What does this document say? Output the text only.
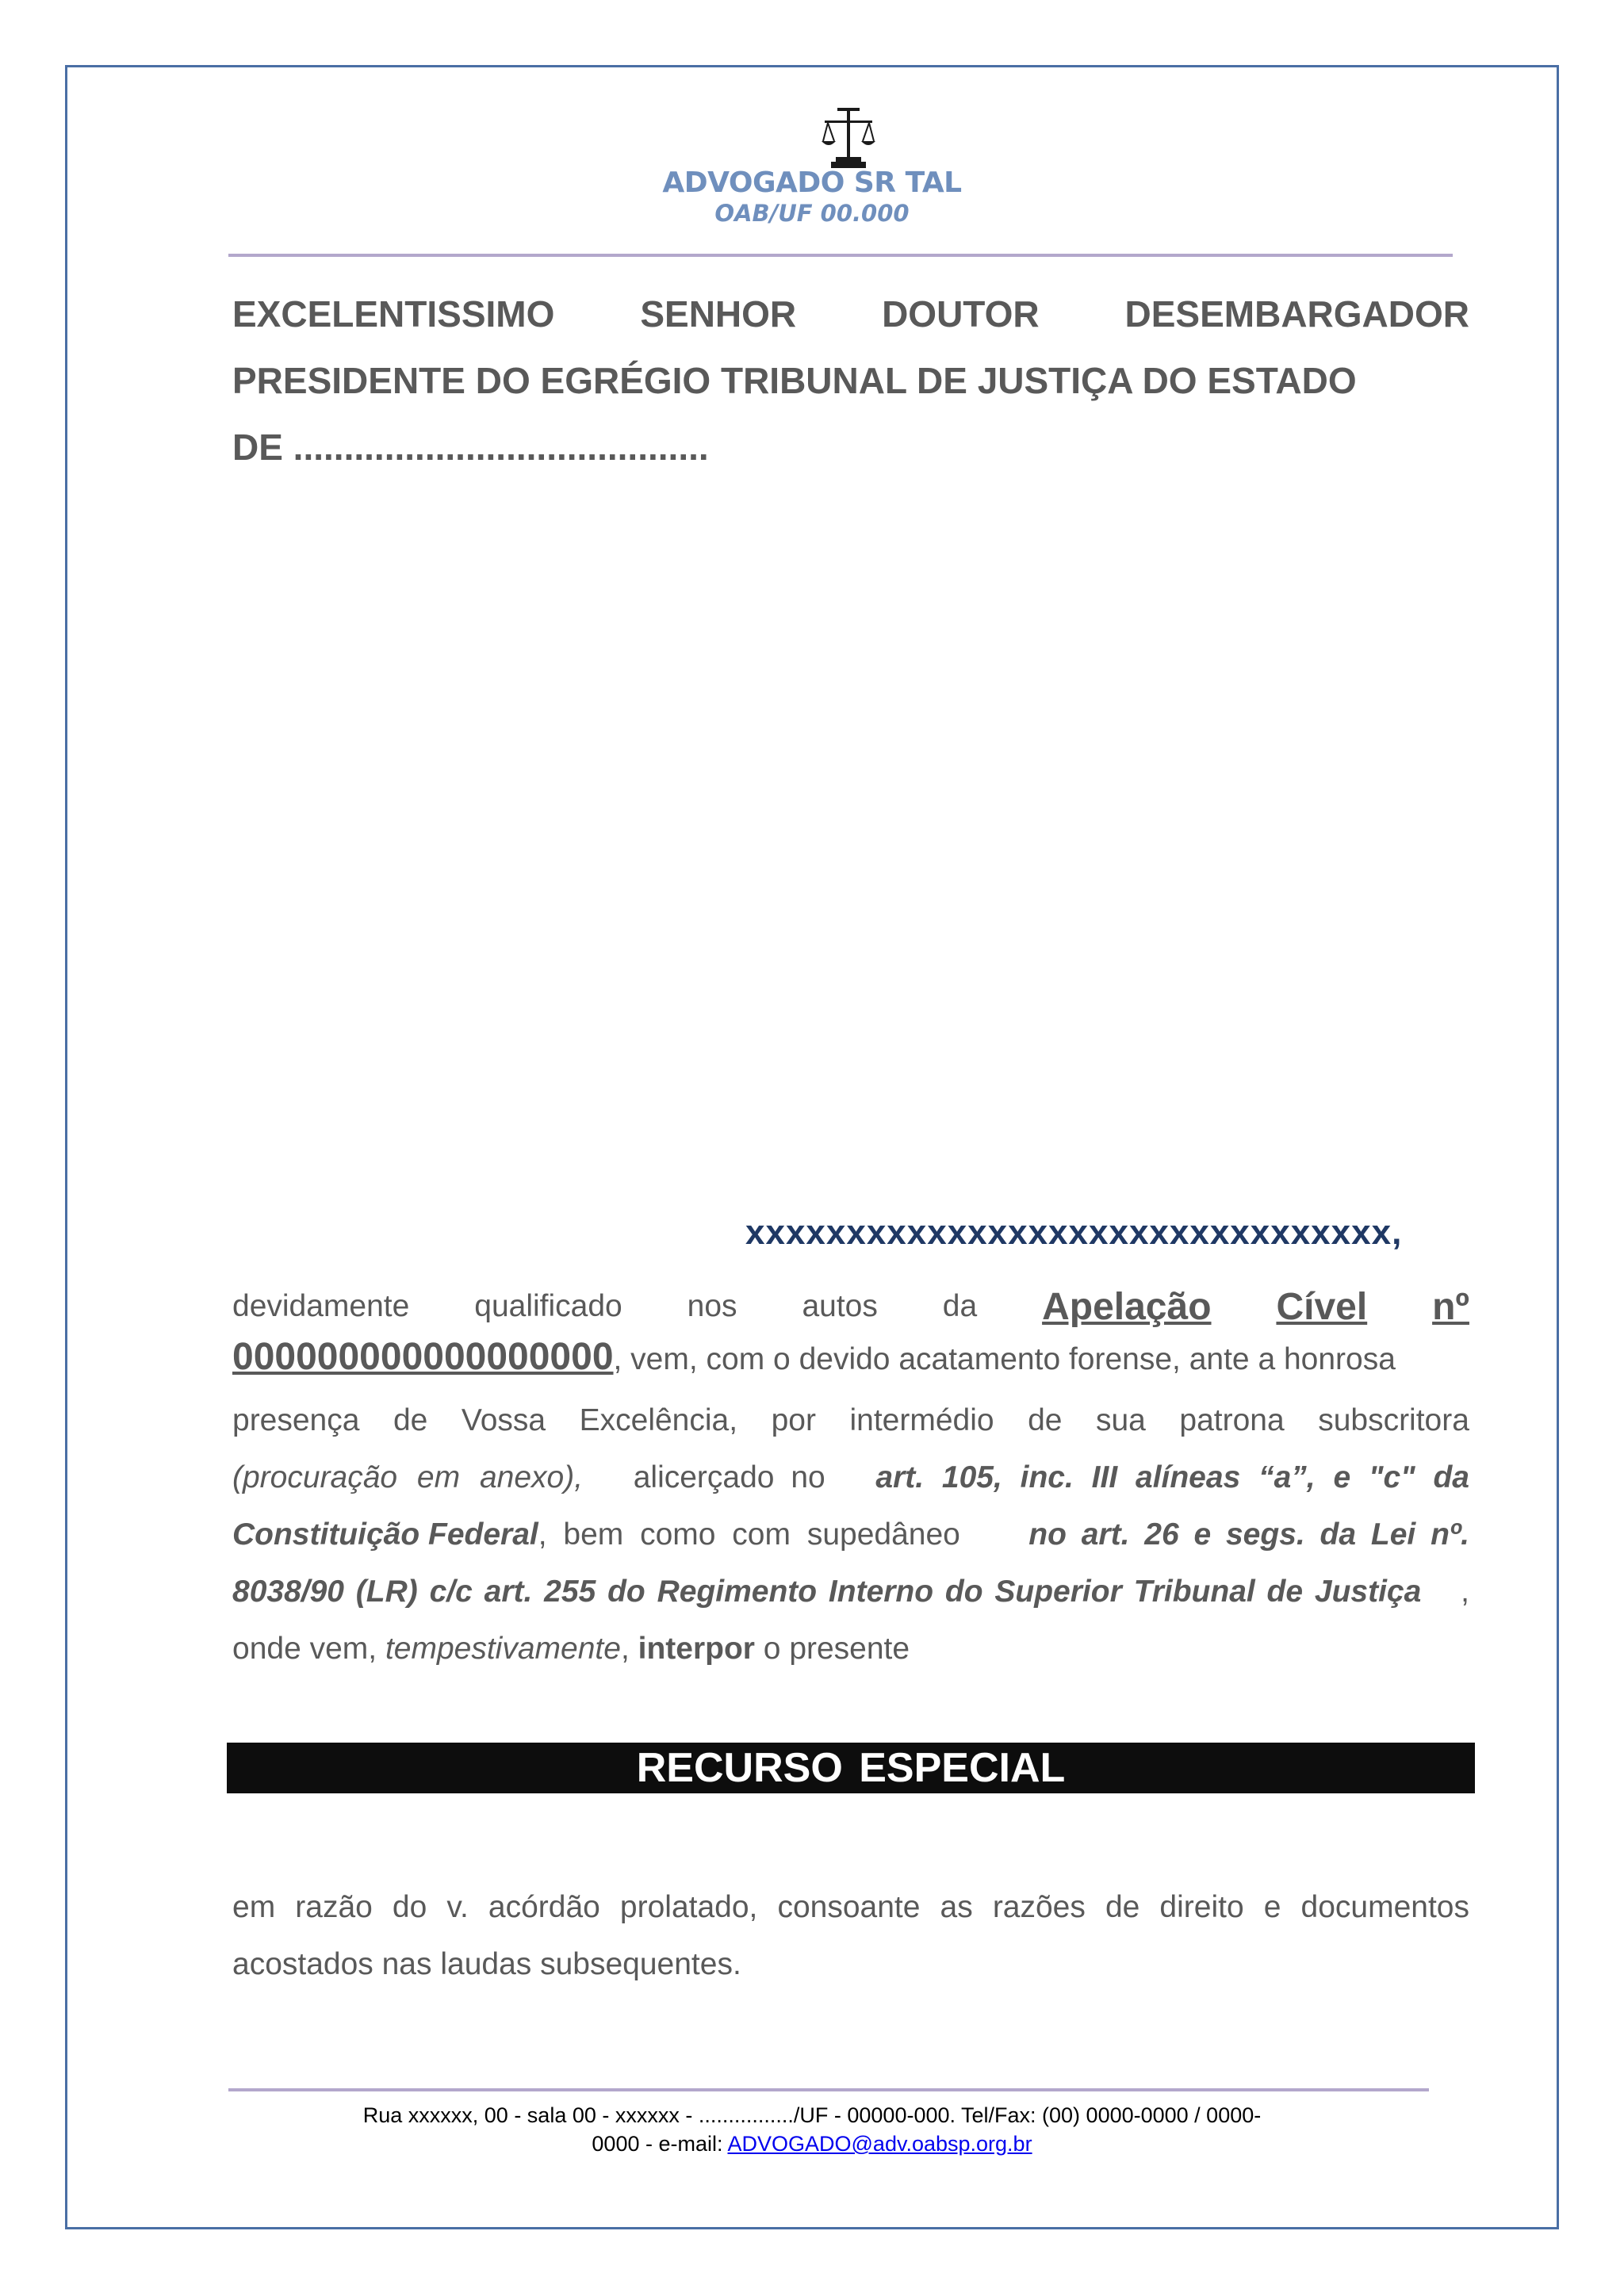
ADVOGADO SR TAL
OAB/UF 00.000
EXCELENTISSIMO SENHOR DOUTOR DESEMBARGADOR
PRESIDENTE DO EGRÉGIO TRIBUNAL DE JUSTIÇA DO ESTADO
DE .........................................
xxxxxxxxxxxxxxxxxxxxxxxxxxxxxxxx,
devidamente qualificado nos autos da Apelação Cível nº
000000000000000000 , vem, com o devido acatamento forense, ante a honrosa
presença de Vossa Excelência, por intermédio de sua patrona subscritora
(procuração em anexo), alicerçado no art. 105, inc. III alíneas “a”, e "c" da
Constituição Federal, bem como com supedâneo no art. 26 e segs. da Lei nº.
8038/90 (LR) c/c art. 255 do Regimento Interno do Superior Tribunal de Justiça ,
onde vem, tempestivamente , interpor o presente
RECURSO ESPECIAL
em razão do v. acórdão prolatado, consoante as razões de direito e documentos
acostados nas laudas subsequentes.
Rua xxxxxx, 00 - sala 00 - xxxxxx - ................/UF - 00000-000. Tel/Fax: (00) 0000-0000 / 0000-
0000 - e-mail: ADVOGADO@adv.oabsp.org.br
